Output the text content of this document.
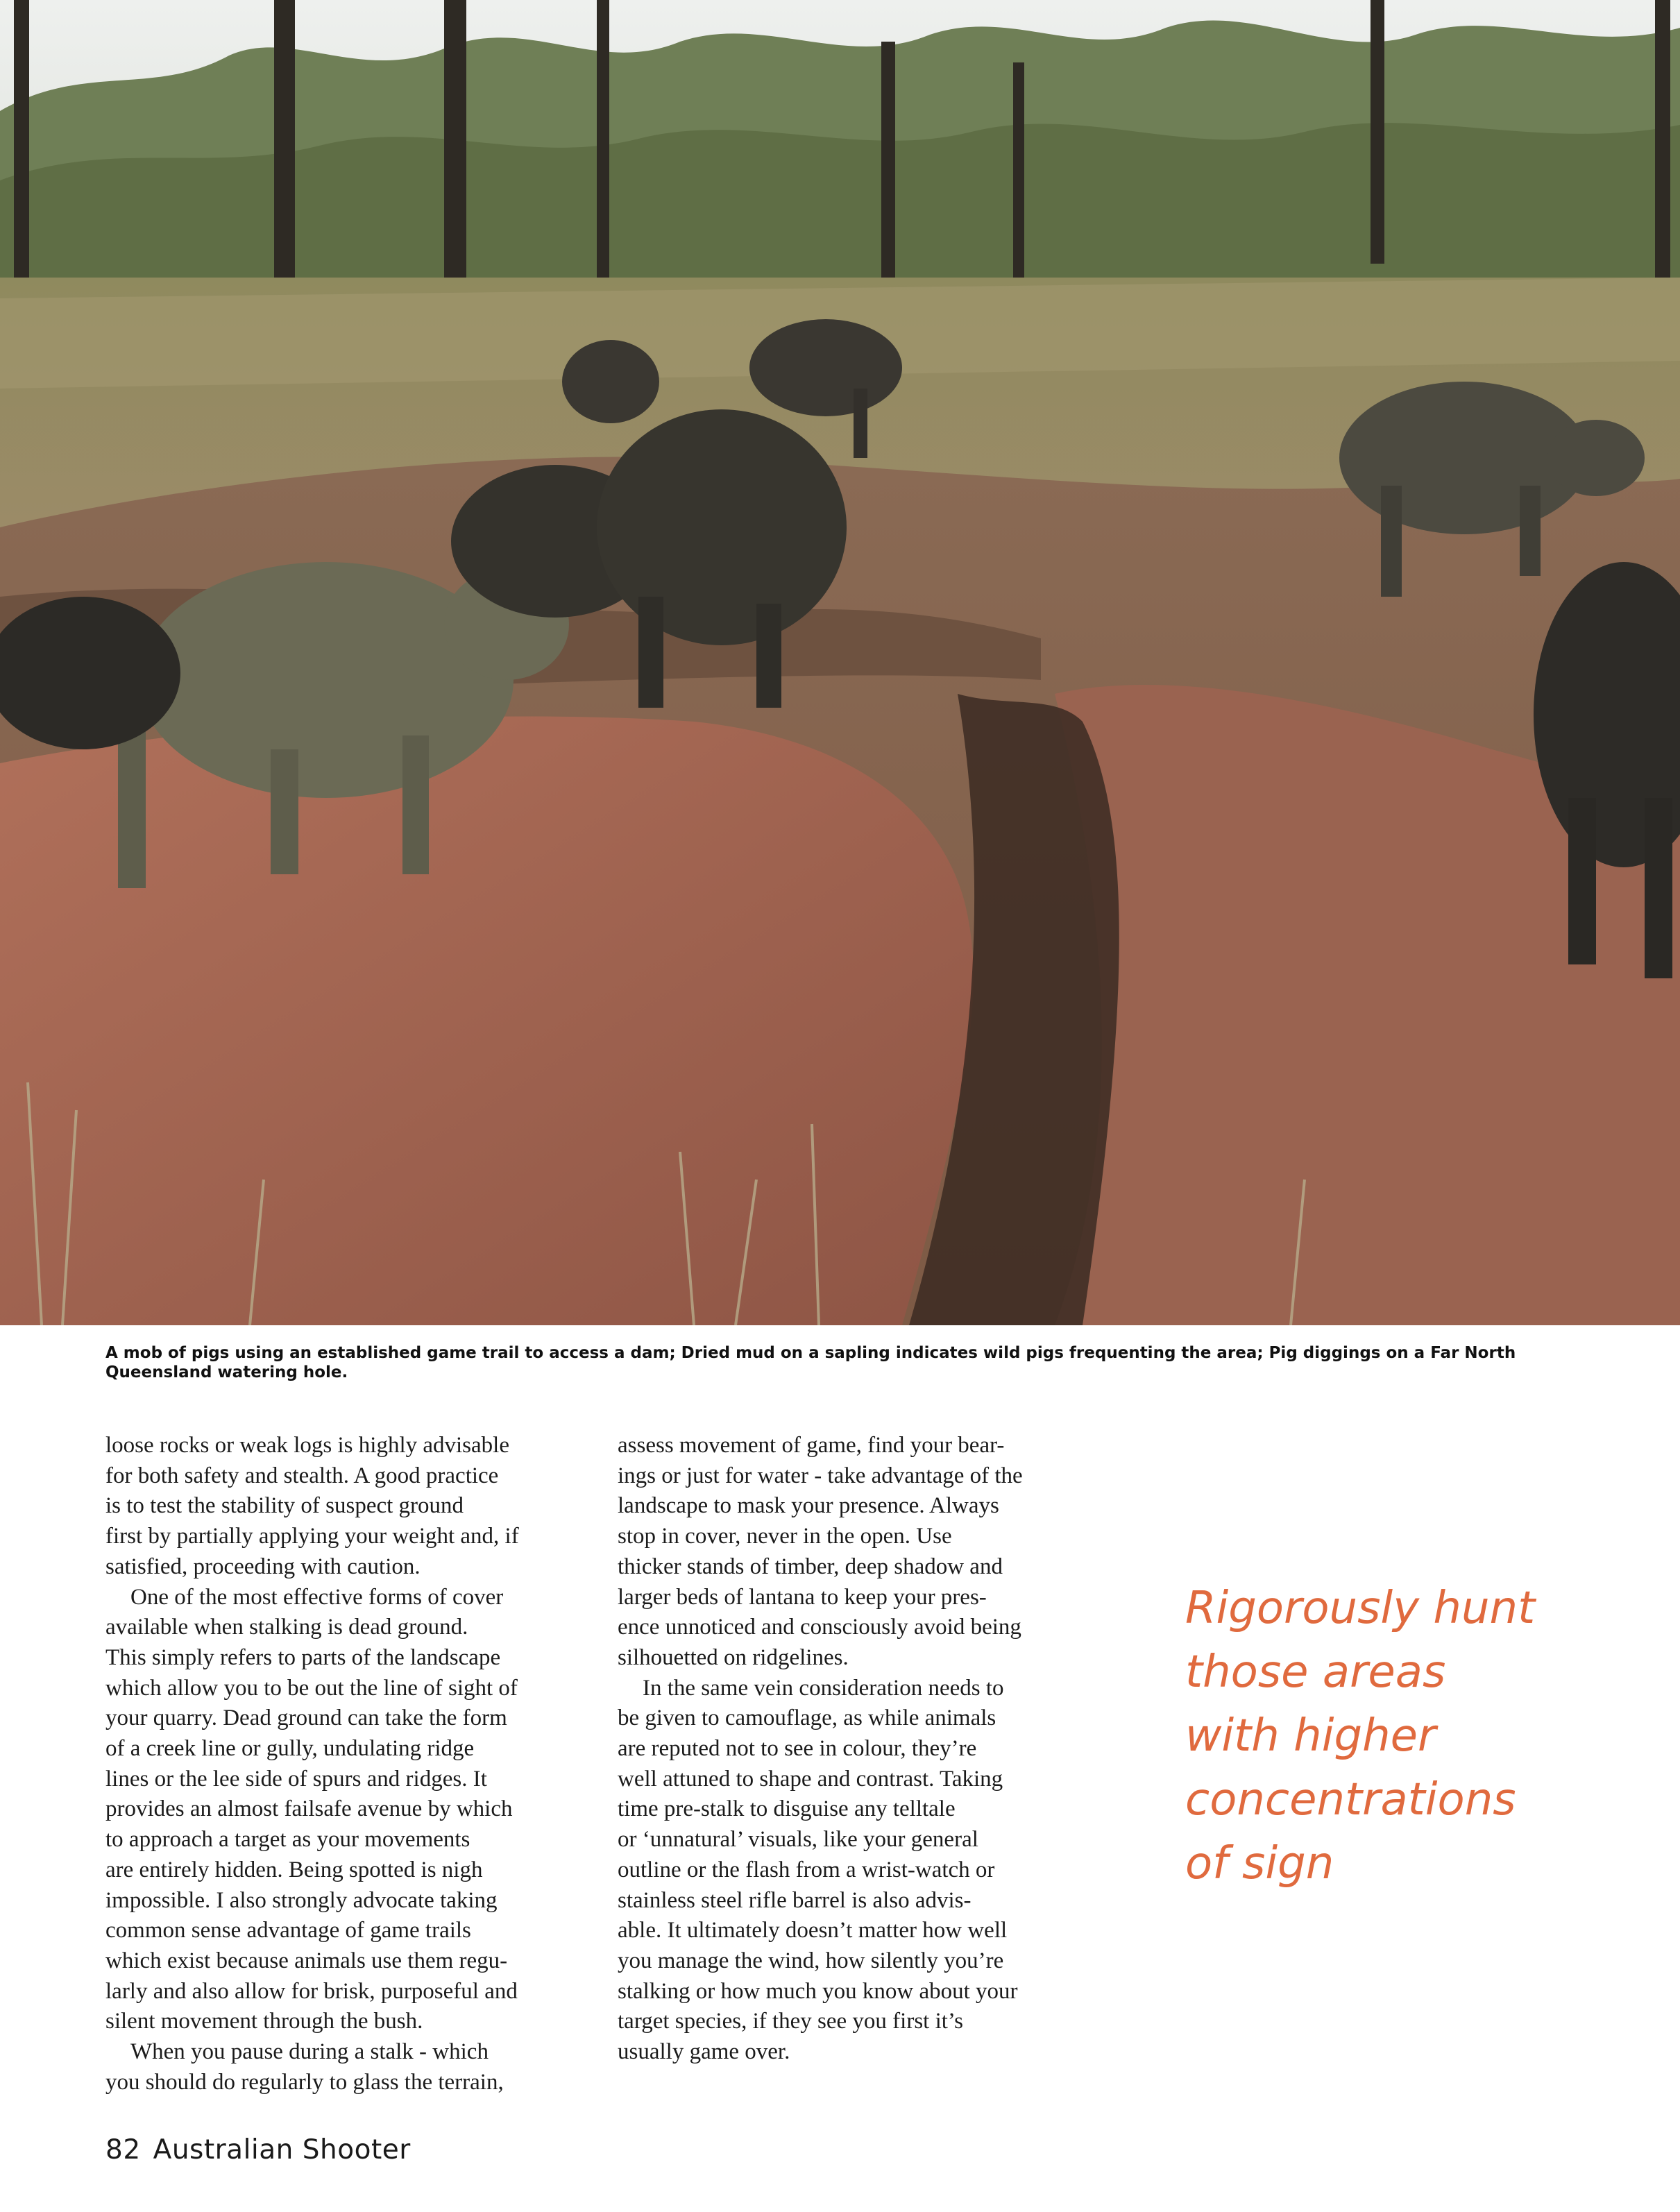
A mob of pigs using an established game trail to access a dam; Dried mud on a sapling indicates wild pigs frequenting the area; Pig diggings on a Far North Queensland watering hole.

loose rocks or weak logs is highly advisable

for both safety and stealth. A good practice

is to test the stability of suspect ground

first by partially applying your weight and, if

satisfied, proceeding with caution.

One of the most effective forms of cover

available when stalking is dead ground.

This simply refers to parts of the landscape

which allow you to be out the line of sight of

your quarry. Dead ground can take the form

of a creek line or gully, undulating ridge

lines or the lee side of spurs and ridges. It

provides an almost failsafe avenue by which

to approach a target as your movements

are entirely hidden. Being spotted is nigh

impossible. I also strongly advocate taking

common sense advantage of game trails

which exist because animals use them regu-

larly and also allow for brisk, purposeful and

silent movement through the bush.

When you pause during a stalk - which

you should do regularly to glass the terrain,

assess movement of game, find your bear-

ings or just for water - take advantage of the

landscape to mask your presence. Always

stop in cover, never in the open. Use

thicker stands of timber, deep shadow and

larger beds of lantana to keep your pres-

ence unnoticed and consciously avoid being

silhouetted on ridgelines.

In the same vein consideration needs to

be given to camouflage, as while animals

are reputed not to see in colour, they’re

well attuned to shape and contrast. Taking

time pre-stalk to disguise any telltale

or ‘unnatural’ visuals, like your general

outline or the flash from a wrist-watch or

stainless steel rifle barrel is also advis-

able. It ultimately doesn’t matter how well

you manage the wind, how silently you’re

stalking or how much you know about your

target species, if they see you first it’s

usually game over.

Rigorously hunt
those areas
with higher
concentrations
of sign
82 Australian Shooter
